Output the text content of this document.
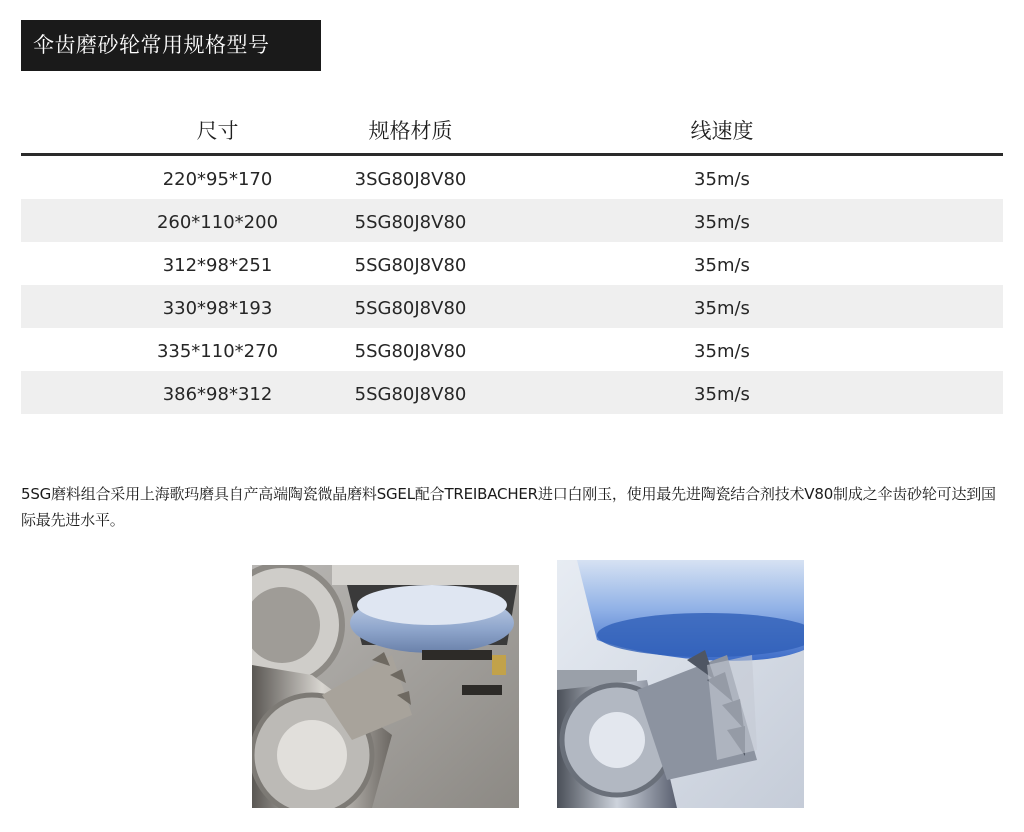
伞齿磨砂轮常用规格型号
尺寸	规格材质	线速度
220*95*170	3SG80J8V80	35m/s
260*110*200	5SG80J8V80	35m/s
312*98*251	5SG80J8V80	35m/s
330*98*193	5SG80J8V80	35m/s
335*110*270	5SG80J8V80	35m/s
386*98*312	5SG80J8V80	35m/s
5SG磨料组合采用上海歌玛磨具自产高端陶瓷微晶磨料SGEL配合TREIBACHER进口白刚玉，使用最先进陶瓷结合剂技术V80制成之伞齿砂轮可达到国际最先进水平。
